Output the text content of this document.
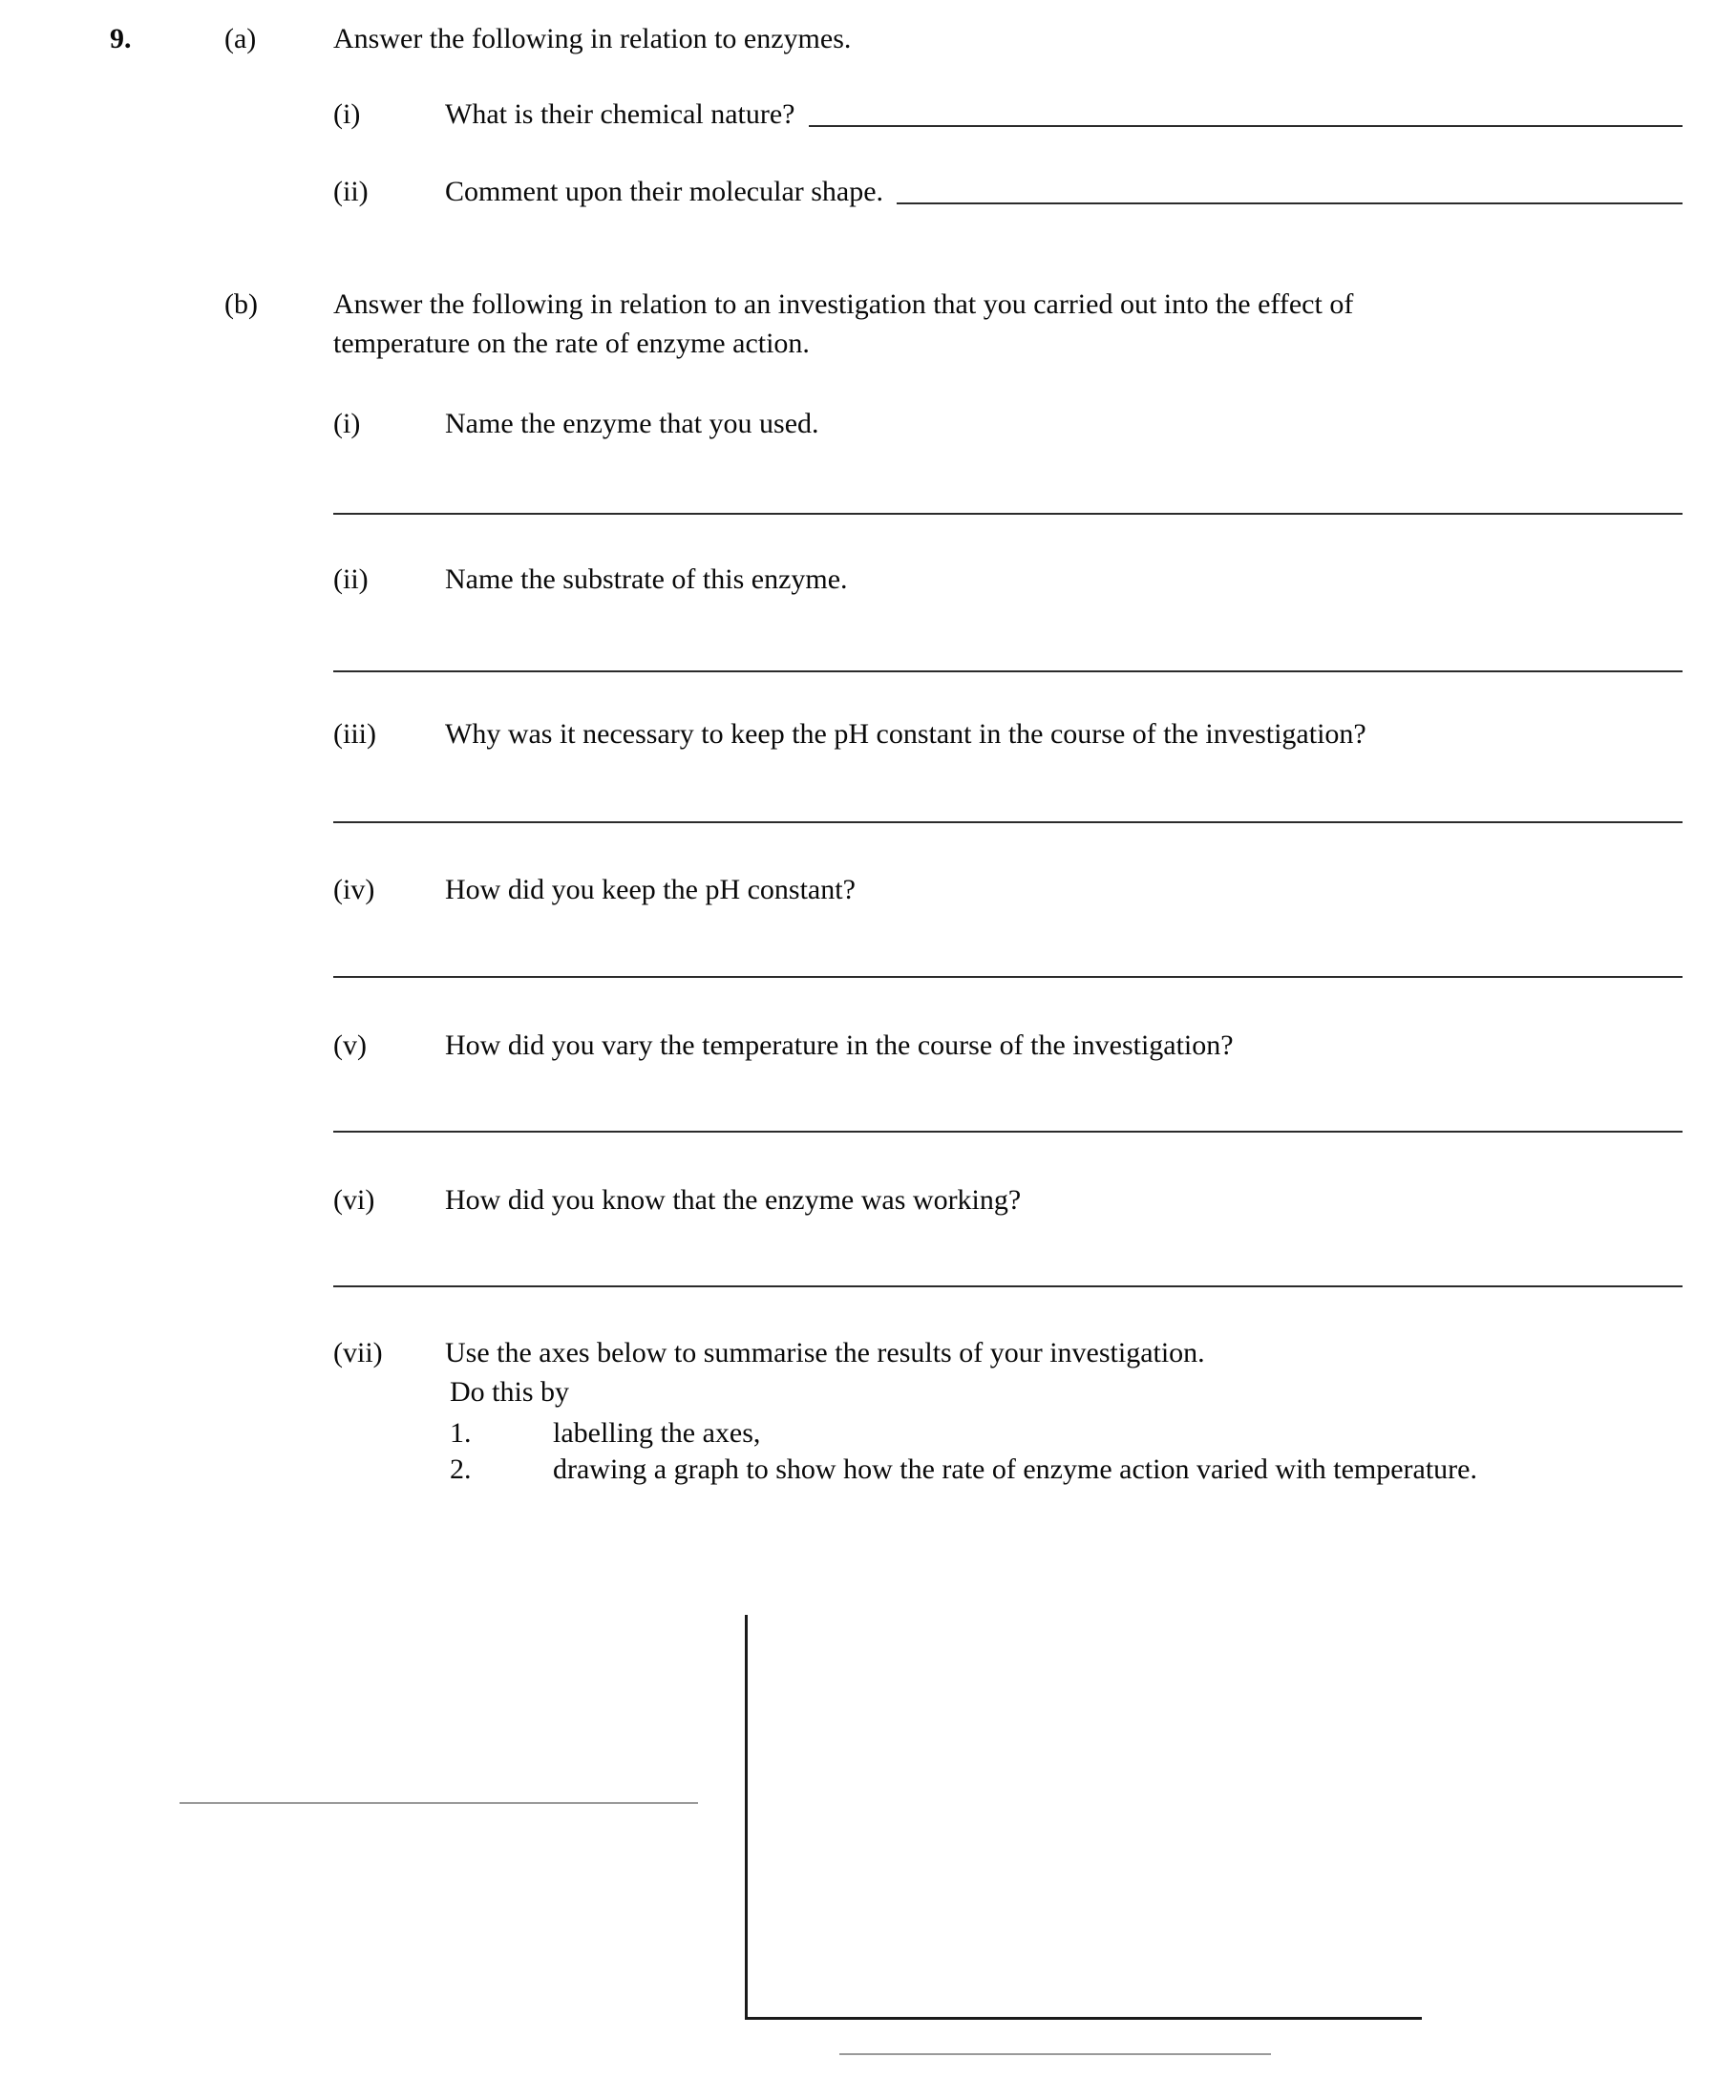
9.	(a)	Answer the following in relation to enzymes.
(i)	What is their chemical nature?
(ii)	Comment upon their molecular shape.
(b)	Answer the following in relation to an investigation that you carried out into the effect of
temperature on the rate of enzyme action.
(i)	Name the enzyme that you used.
(ii)	Name the substrate of this enzyme.
(iii)	Why was it necessary to keep the pH constant in the course of the investigation?
(iv)	How did you keep the pH constant?
(v)	How did you vary the temperature in the course of the investigation?
(vi)	How did you know that the enzyme was working?
(vii)	Use the axes below to summarise the results of your investigation.
Do this by
1.	labelling the axes,
2.	drawing a graph to show how the rate of enzyme action varied with temperature.
